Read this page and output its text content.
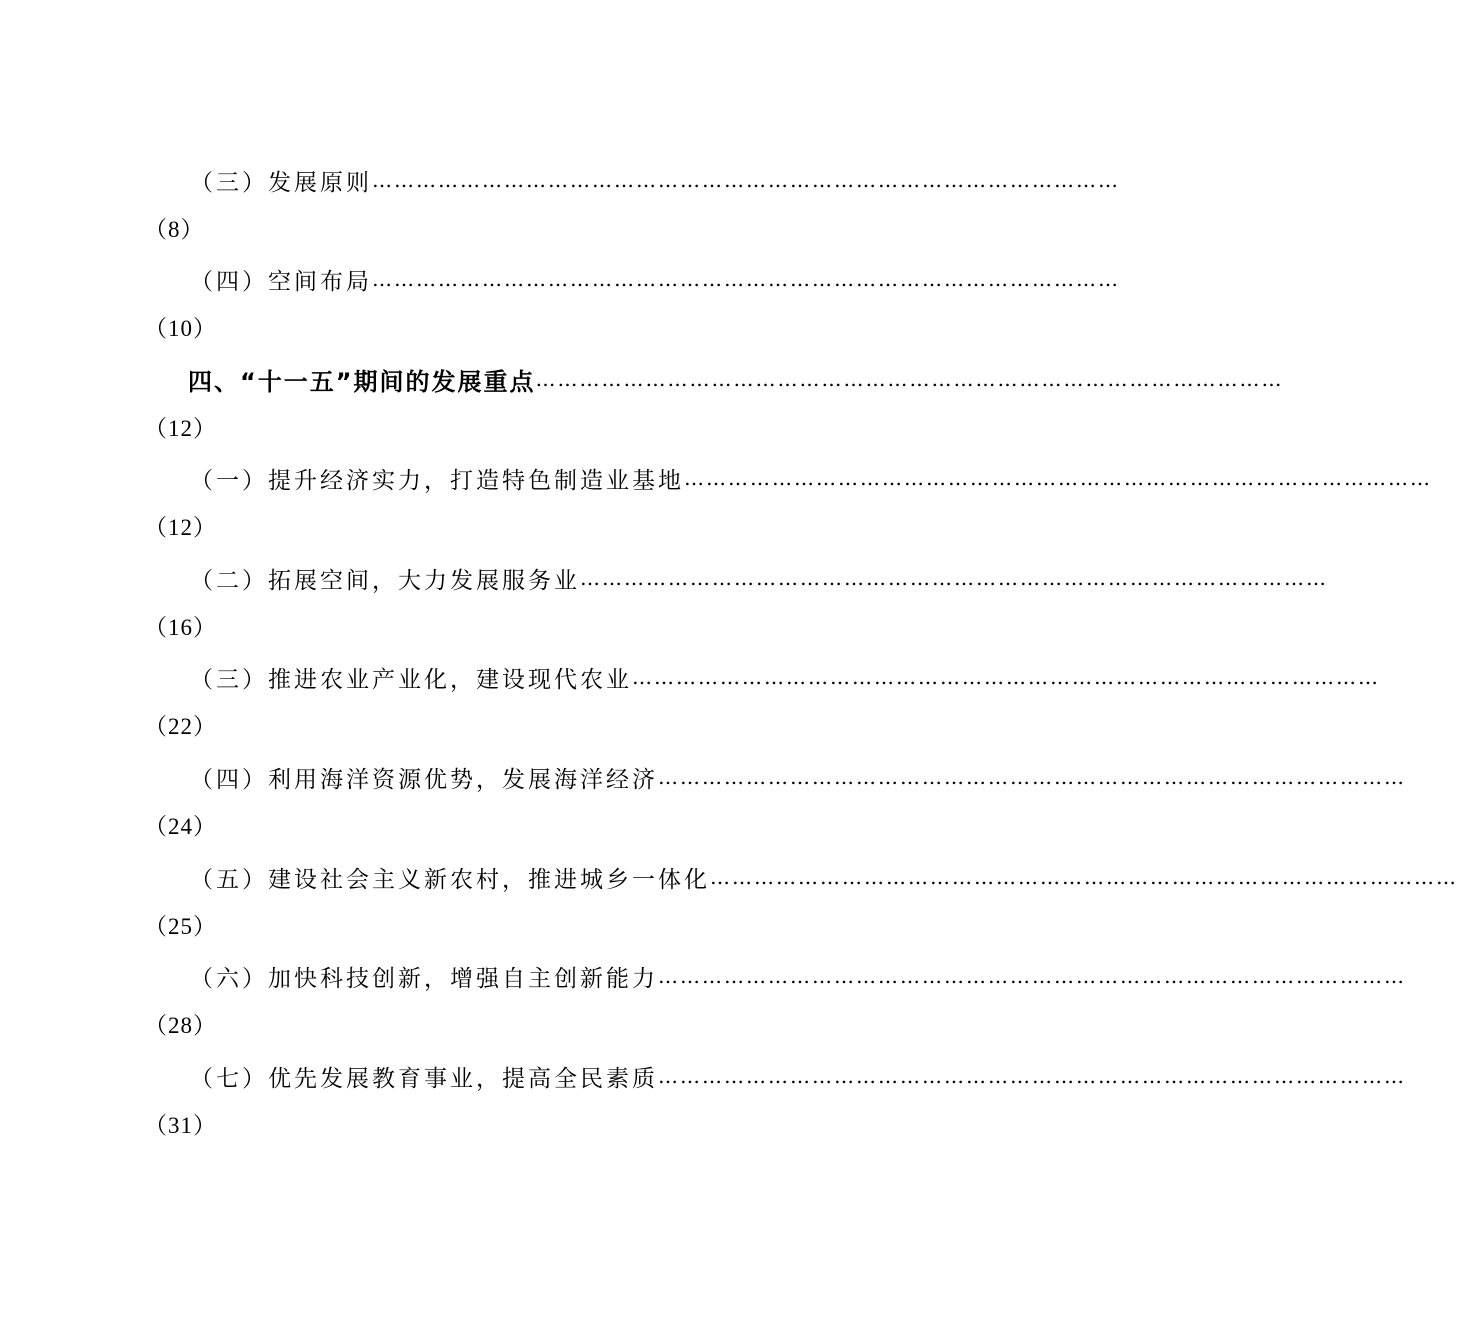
（三）发展原则 …………………………………………………………………………………………
（8）
（四）空间布局 …………………………………………………………………………………………
（10）
四、“十一五”期间的发展重点 …………………………………………………………………………………………
（12）
（一）提升经济实力，打造特色制造业基地 …………………………………………………………………………………………
（12）
（二）拓展空间，大力发展服务业 …………………………………………………………………………………………
（16）
（三）推进农业产业化，建设现代农业 …………………………………………………………………………………………
（22）
（四）利用海洋资源优势，发展海洋经济 …………………………………………………………………………………………
（24）
（五）建设社会主义新农村，推进城乡一体化 …………………………………………………………………………………………
（25）
（六）加快科技创新，增强自主创新能力 …………………………………………………………………………………………
（28）
（七）优先发展教育事业，提高全民素质 …………………………………………………………………………………………
（31）
